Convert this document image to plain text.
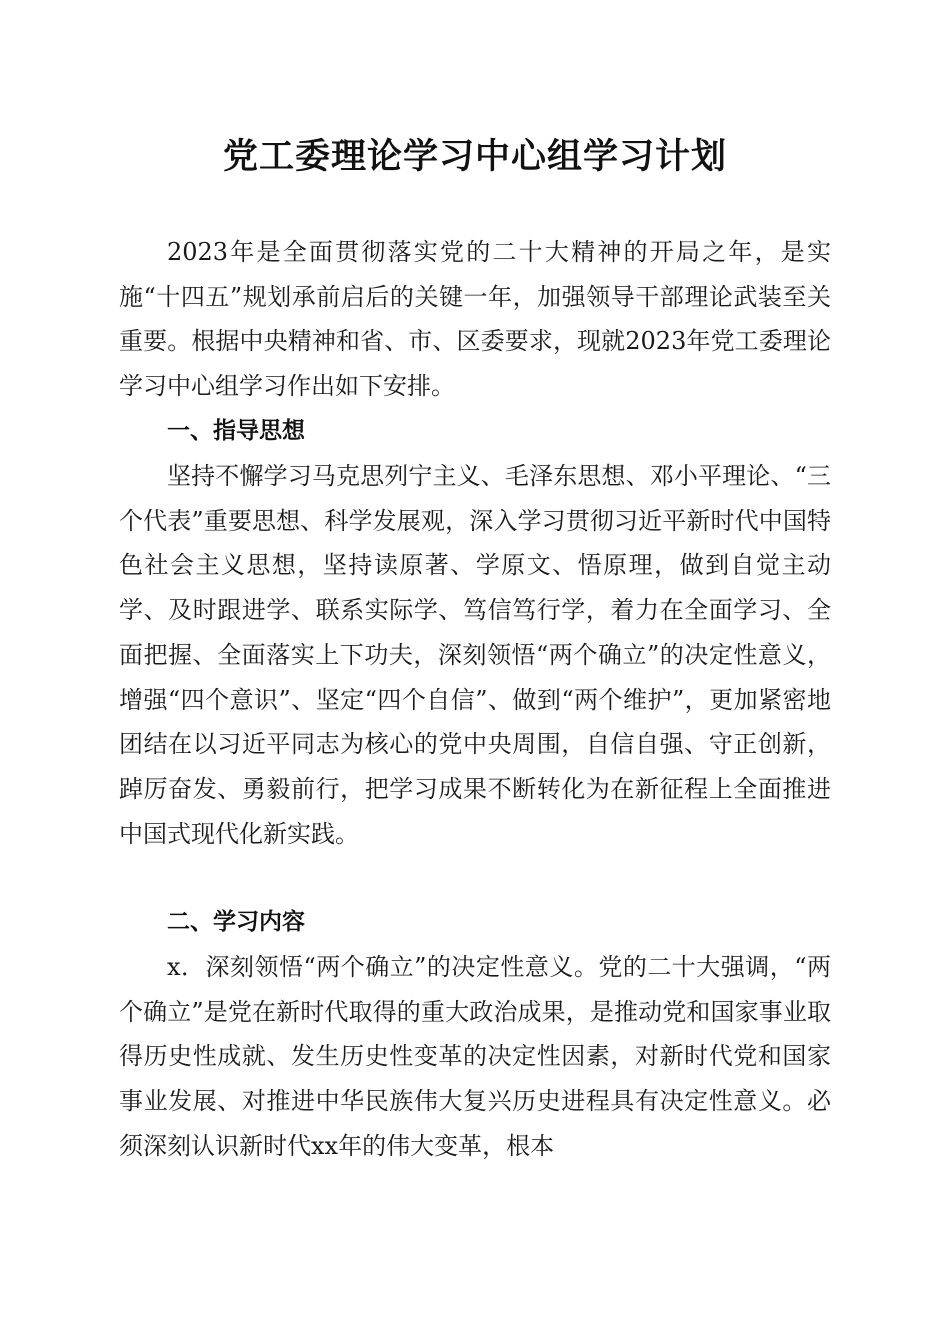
党工委理论学习中心组学习计划

2023年是全面贯彻落实党的二十大精神的开局之年，是实施“十四五”规划承前启后的关键一年，加强领导干部理论武装至关重要。根据中央精神和省、市、区委要求，现就2023年党工委理论学习中心组学习作出如下安排。

一、指导思想

坚持不懈学习马克思列宁主义、毛泽东思想、邓小平理论、“三个代表”重要思想、科学发展观，深入学习贯彻习近平新时代中国特色社会主义思想，坚持读原著、学原文、悟原理，做到自觉主动学、及时跟进学、联系实际学、笃信笃行学，着力在全面学习、全面把握、全面落实上下功夫，深刻领悟“两个确立”的决定性意义，增强“四个意识”、坚定“四个自信”、做到“两个维护”，更加紧密地团结在以习近平同志为核心的党中央周围，自信自强、守正创新，踔厉奋发、勇毅前行，把学习成果不断转化为在新征程上全面推进中国式现代化新实践。

二、学习内容

x．深刻领悟“两个确立”的决定性意义。党的二十大强调，“两个确立”是党在新时代取得的重大政治成果，是推动党和国家事业取得历史性成就、发生历史性变革的决定性因素，对新时代党和国家事业发展、对推进中华民族伟大复兴历史进程具有决定性意义。必须深刻认识新时代xx年的伟大变革，根本
